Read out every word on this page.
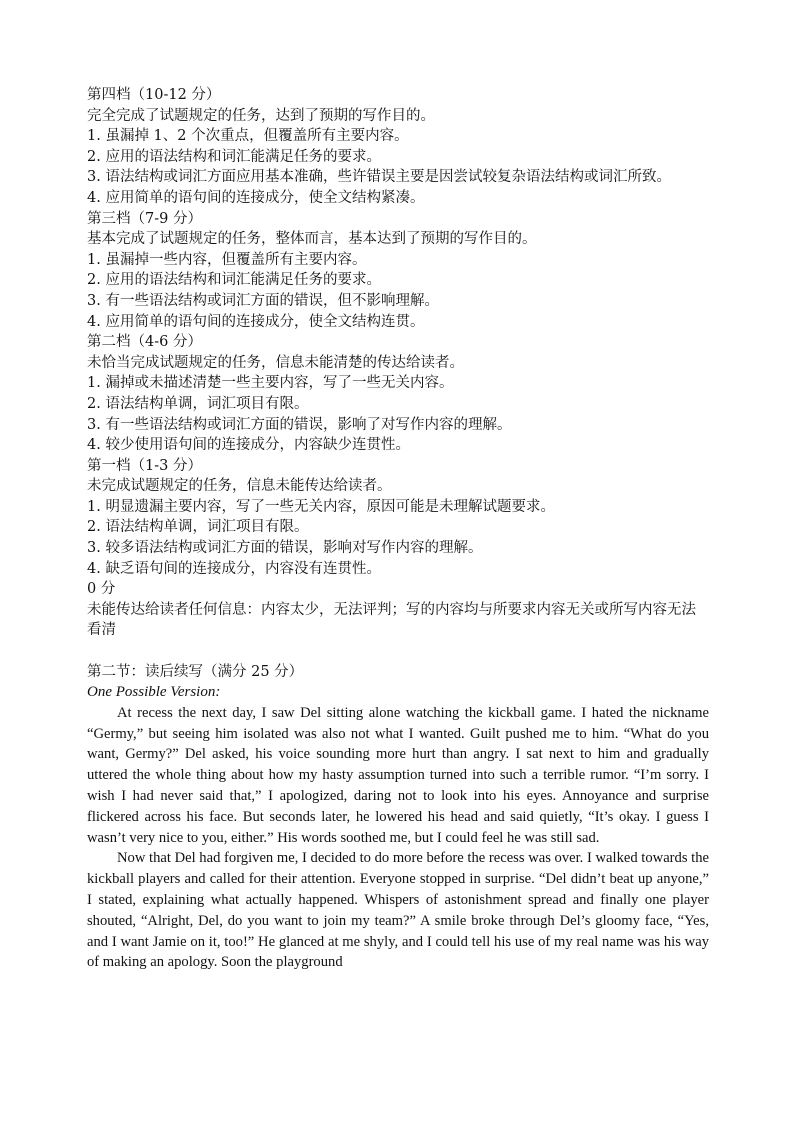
第四档（10-12 分）
完全完成了试题规定的任务，达到了预期的写作目的。
1. 虽漏掉 1、2 个次重点，但覆盖所有主要内容。
2. 应用的语法结构和词汇能满足任务的要求。
3. 语法结构或词汇方面应用基本准确，些许错误主要是因尝试较复杂语法结构或词汇所致。
4. 应用简单的语句间的连接成分，使全文结构紧凑。
第三档（7-9 分）
基本完成了试题规定的任务，整体而言，基本达到了预期的写作目的。
1. 虽漏掉一些内容，但覆盖所有主要内容。
2. 应用的语法结构和词汇能满足任务的要求。
3. 有一些语法结构或词汇方面的错误，但不影响理解。
4. 应用简单的语句间的连接成分，使全文结构连贯。
第二档（4-6 分）
未恰当完成试题规定的任务，信息未能清楚的传达给读者。
1. 漏掉或未描述清楚一些主要内容，写了一些无关内容。
2. 语法结构单调，词汇项目有限。
3. 有一些语法结构或词汇方面的错误，影响了对写作内容的理解。
4. 较少使用语句间的连接成分，内容缺少连贯性。
第一档（1-3 分）
未完成试题规定的任务，信息未能传达给读者。
1. 明显遗漏主要内容，写了一些无关内容，原因可能是未理解试题要求。
2. 语法结构单调，词汇项目有限。
3. 较多语法结构或词汇方面的错误，影响对写作内容的理解。
4. 缺乏语句间的连接成分，内容没有连贯性。
0 分
未能传达给读者任何信息：内容太少，无法评判；写的内容均与所要求内容无关或所写内容无法看清
第二节：读后续写（满分 25 分）
One Possible Version:

At recess the next day, I saw Del sitting alone watching the kickball game. I hated the nickname “Germy,” but seeing him isolated was also not what I wanted. Guilt pushed me to him. “What do you want, Germy?” Del asked, his voice sounding more hurt than angry. I sat next to him and gradually uttered the whole thing about how my hasty assumption turned into such a terrible rumor. “I’m sorry. I wish I had never said that,” I apologized, daring not to look into his eyes. Annoyance and surprise flickered across his face. But seconds later, he lowered his head and said quietly, “It’s okay. I guess I wasn’t very nice to you, either.” His words soothed me, but I could feel he was still sad.

Now that Del had forgiven me, I decided to do more before the recess was over. I walked towards the kickball players and called for their attention. Everyone stopped in surprise. “Del didn’t beat up anyone,” I stated, explaining what actually happened. Whispers of astonishment spread and finally one player shouted, “Alright, Del, do you want to join my team?” A smile broke through Del’s gloomy face, “Yes, and I want Jamie on it, too!” He glanced at me shyly, and I could tell his use of my real name was his way of making an apology. Soon the playground
